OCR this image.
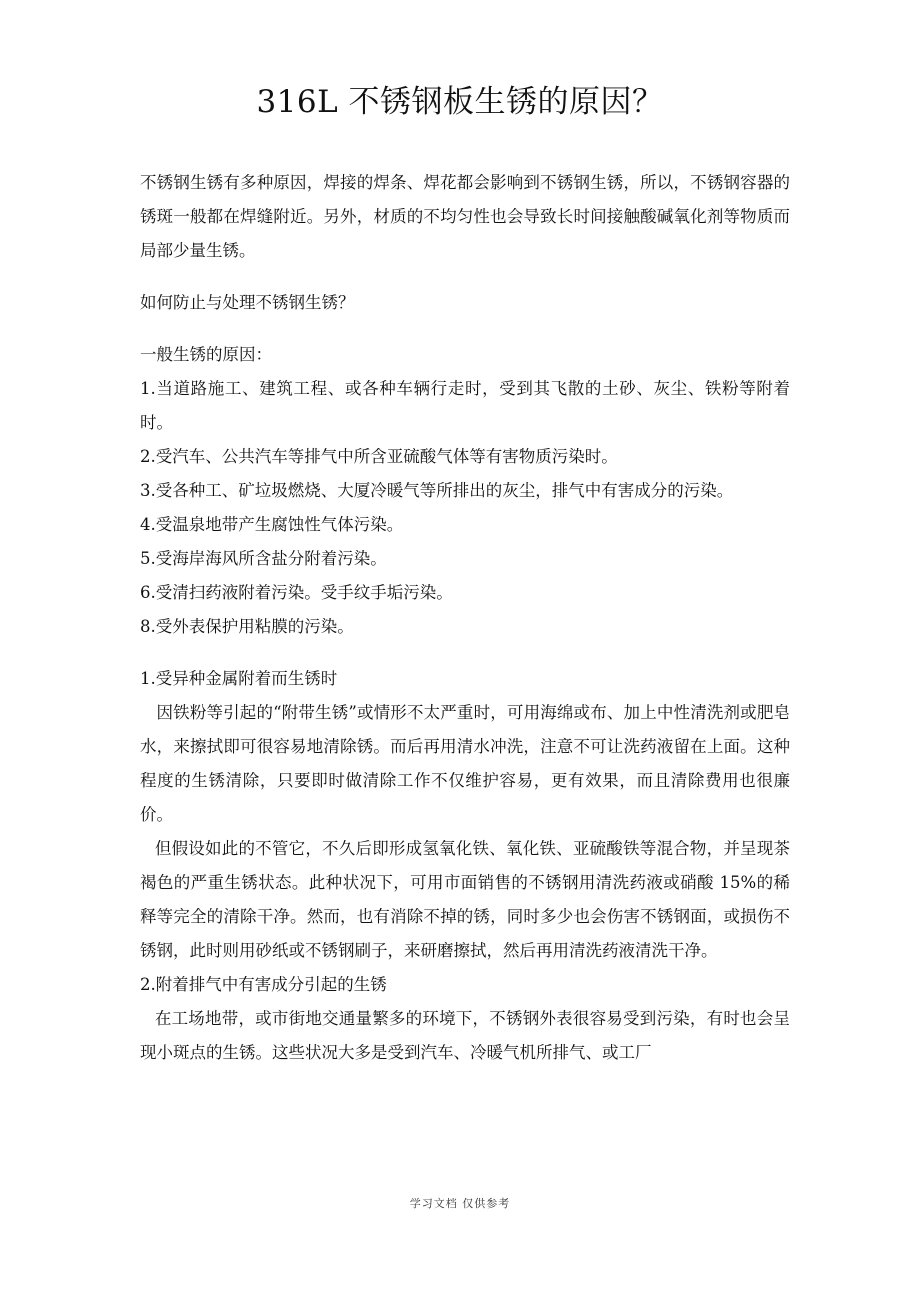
316L 不锈钢板生锈的原因？

不锈钢生锈有多种原因，焊接的焊条、焊花都会影响到不锈钢生锈，所以，不锈钢容器的锈斑一般都在焊缝附近。另外，材质的不均匀性也会导致长时间接触酸碱氧化剂等物质而局部少量生锈。

如何防止与处理不锈钢生锈？

一般生锈的原因：

1.当道路施工、建筑工程、或各种车辆行走时，受到其飞散的土砂、灰尘、铁粉等附着时。

2.受汽车、公共汽车等排气中所含亚硫酸气体等有害物质污染时。

3.受各种工、矿垃圾燃烧、大厦冷暖气等所排出的灰尘，排气中有害成分的污染。

4.受温泉地带产生腐蚀性气体污染。

5.受海岸海风所含盐分附着污染。

6.受清扫药液附着污染。受手纹手垢污染。

8.受外表保护用粘膜的污染。

1.受异种金属附着而生锈时

因铁粉等引起的“附带生锈”或情形不太严重时，可用海绵或布、加上中性清洗剂或肥皂水，来擦拭即可很容易地清除锈。而后再用清水冲洗，注意不可让洗药液留在上面。这种程度的生锈清除，只要即时做清除工作不仅维护容易，更有效果，而且清除费用也很廉价。

但假设如此的不管它，不久后即形成氢氧化铁、氧化铁、亚硫酸铁等混合物，并呈现茶褐色的严重生锈状态。此种状况下，可用市面销售的不锈钢用清洗药液或硝酸 15%的稀释等完全的清除干净。然而，也有消除不掉的锈，同时多少也会伤害不锈钢面，或损伤不锈钢，此时则用砂纸或不锈钢刷子，来研磨擦拭，然后再用清洗药液清洗干净。

2.附着排气中有害成分引起的生锈

在工场地带，或市街地交通量繁多的环境下，不锈钢外表很容易受到污染，有时也会呈现小斑点的生锈。这些状况大多是受到汽车、冷暖气机所排气、或工厂

学习文档 仅供参考
